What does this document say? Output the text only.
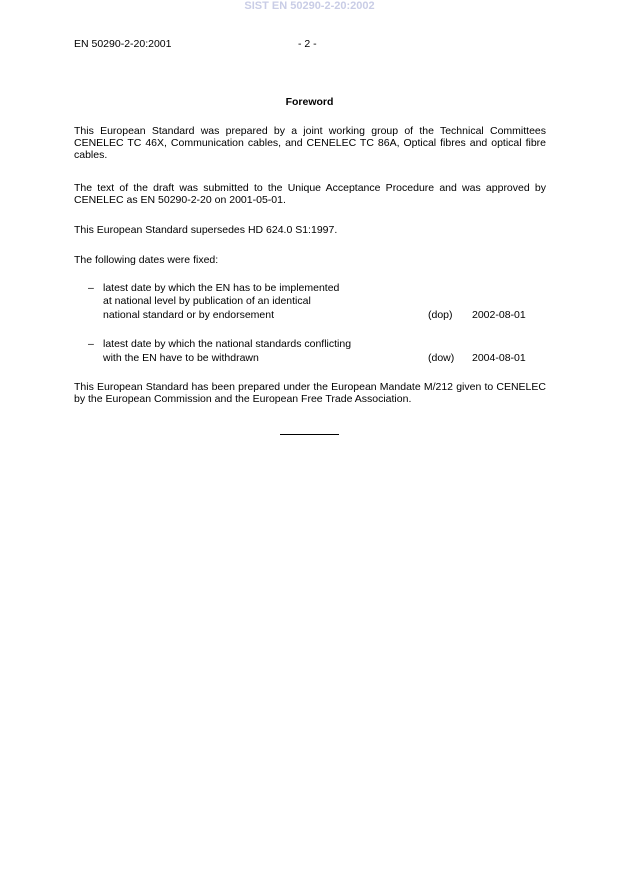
SIST EN 50290-2-20:2002
EN 50290-2-20:2001	- 2 -
Foreword
This European Standard was prepared by a joint working group of the Technical Committees CENELEC TC 46X, Communication cables, and CENELEC TC 86A, Optical fibres and optical fibre cables.
The text of the draft was submitted to the Unique Acceptance Procedure and was approved by CENELEC as EN 50290-2-20 on 2001-05-01.
This European Standard supersedes HD 624.0 S1:1997.
The following dates were fixed:
– latest date by which the EN has to be implemented
at national level by publication of an identical
national standard or by endorsement	(dop) 2002-08-01
– latest date by which the national standards conflicting
with the EN have to be withdrawn	(dow) 2004-08-01
This European Standard has been prepared under the European Mandate M/212 given to CENELEC by the European Commission and the European Free Trade Association.
